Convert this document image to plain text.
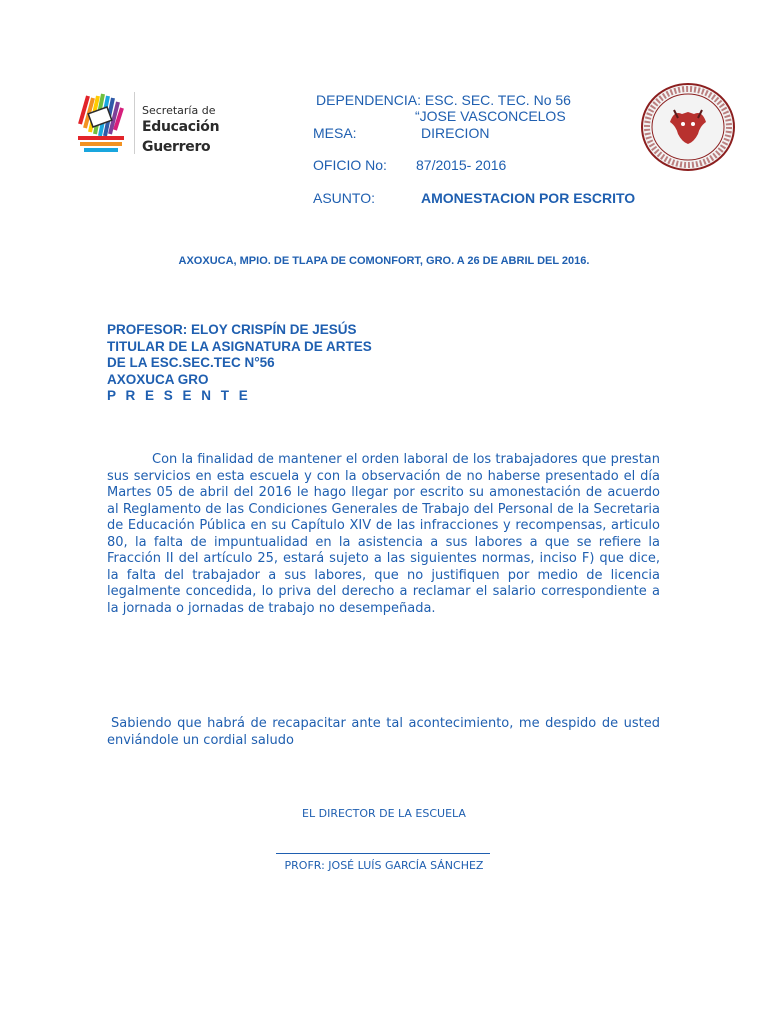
Secretaría de
Educación Guerrero
DEPENDENCIA: ESC. SEC. TEC. No 56
“JOSE VASCONCELOS
MESA:	DIRECION
OFICIO No: 87/2015- 2016
ASUNTO:	AMONESTACION POR ESCRITO
AXOXUCA, MPIO. DE TLAPA DE COMONFORT, GRO. A 26 DE ABRIL DEL 2016.
PROFESOR: ELOY CRISPÍN DE JESÚS
TITULAR DE LA ASIGNATURA DE ARTES
DE LA ESC.SEC.TEC N°56
AXOXUCA GRO
P R E S E N T E
Con la finalidad de mantener el orden laboral de los trabajadores que prestan sus servicios en esta escuela y con la observación de no haberse presentado el día Martes 05 de abril del 2016 le hago llegar por escrito su amonestación de acuerdo al Reglamento de las Condiciones Generales de Trabajo del Personal de la Secretaria de Educación Pública en su Capítulo XIV de las infracciones y recompensas, articulo 80, la falta de impuntualidad en la asistencia a sus labores a que se refiere la Fracción II del artículo 25, estará sujeto a las siguientes normas, inciso F) que dice, la falta del trabajador a sus labores, que no justifiquen por medio de licencia legalmente concedida, lo priva del derecho a reclamar el salario correspondiente a la jornada o jornadas de trabajo no desempeñada.
Sabiendo que habrá de recapacitar ante tal acontecimiento, me despido de usted enviándole un cordial saludo
EL DIRECTOR DE LA ESCUELA
PROFR: JOSÉ LUÍS GARCÍA SÁNCHEZ
